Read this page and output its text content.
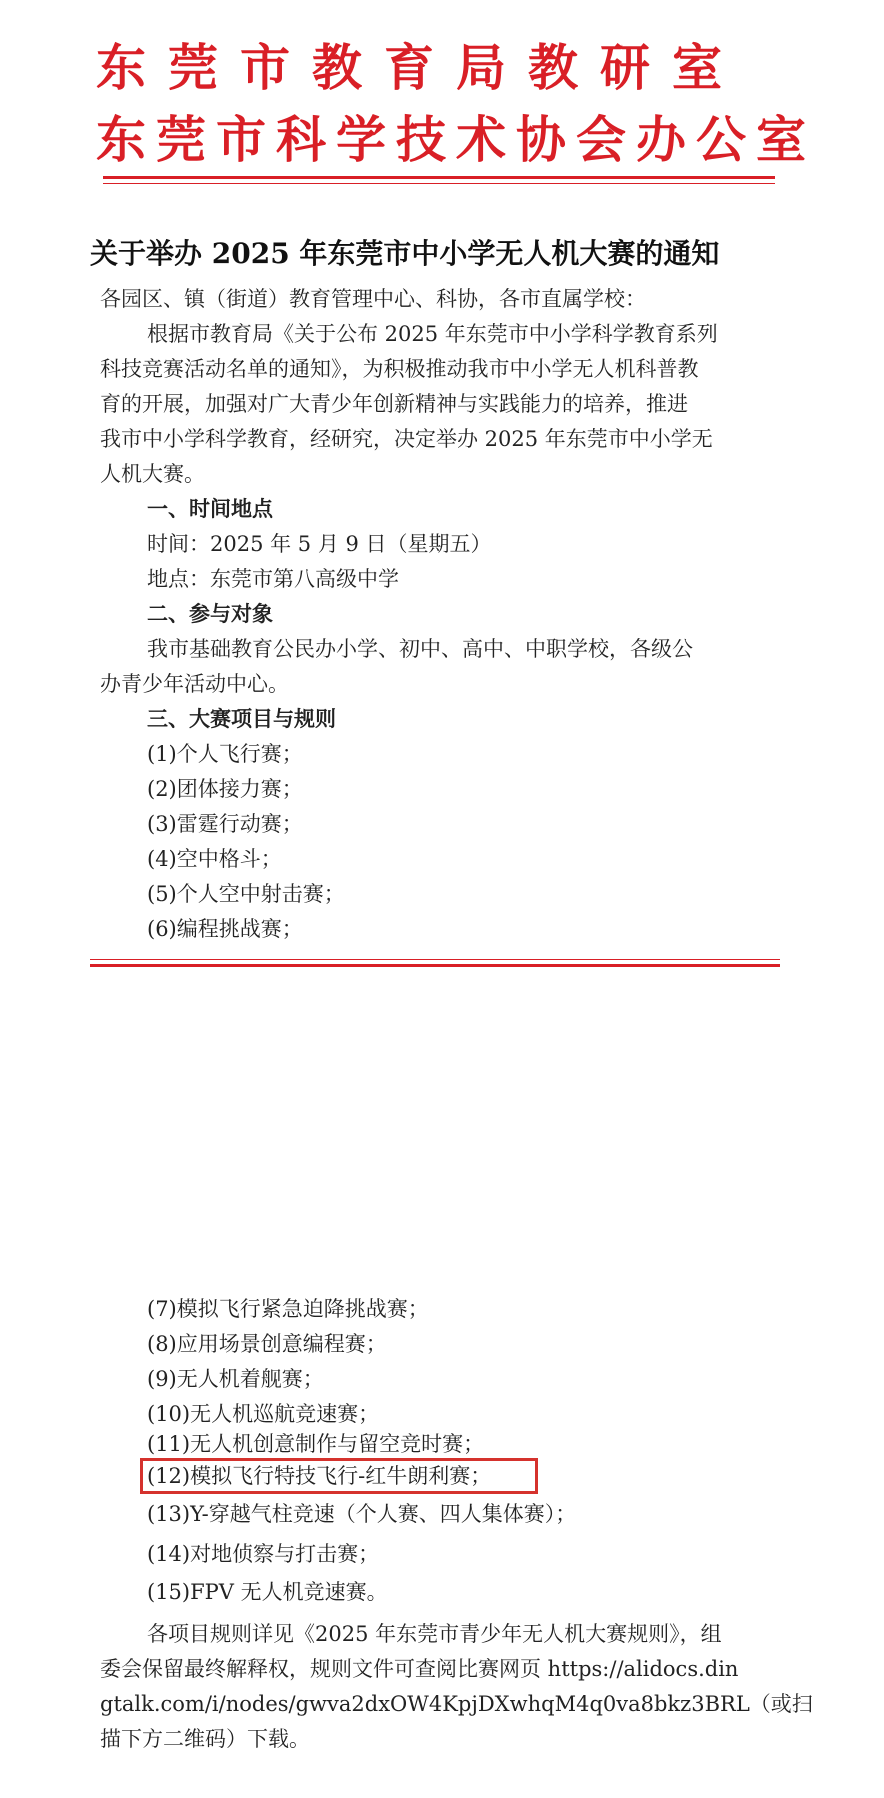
东莞市教育局教研室
东莞市科学技术协会办公室
关于举办 2025 年东莞市中小学无人机大赛的通知
各园区、镇（街道）教育管理中心、科协，各市直属学校：
根据市教育局《关于公布 2025 年东莞市中小学科学教育系列
科技竞赛活动名单的通知》，为积极推动我市中小学无人机科普教
育的开展，加强对广大青少年创新精神与实践能力的培养，推进
我市中小学科学教育，经研究，决定举办 2025 年东莞市中小学无
人机大赛。
一、时间地点
时间：2025 年 5 月 9 日（星期五）
地点：东莞市第八高级中学
二、参与对象
我市基础教育公民办小学、初中、高中、中职学校，各级公
办青少年活动中心。
三、大赛项目与规则
(1)个人飞行赛；
(2)团体接力赛；
(3)雷霆行动赛；
(4)空中格斗；
(5)个人空中射击赛；
(6)编程挑战赛；
(7)模拟飞行紧急迫降挑战赛；
(8)应用场景创意编程赛；
(9)无人机着舰赛；
(10)无人机巡航竞速赛；
(11)无人机创意制作与留空竞时赛；
(12)模拟飞行特技飞行-红牛朗利赛；
(13)Y-穿越气柱竞速（个人赛、四人集体赛）；
(14)对地侦察与打击赛；
(15)FPV 无人机竞速赛。
各项目规则详见《2025 年东莞市青少年无人机大赛规则》，组
委会保留最终解释权，规则文件可查阅比赛网页 https://alidocs.din
gtalk.com/i/nodes/gwva2dxOW4KpjDXwhqM4q0va8bkz3BRL（或扫
描下方二维码）下载。
